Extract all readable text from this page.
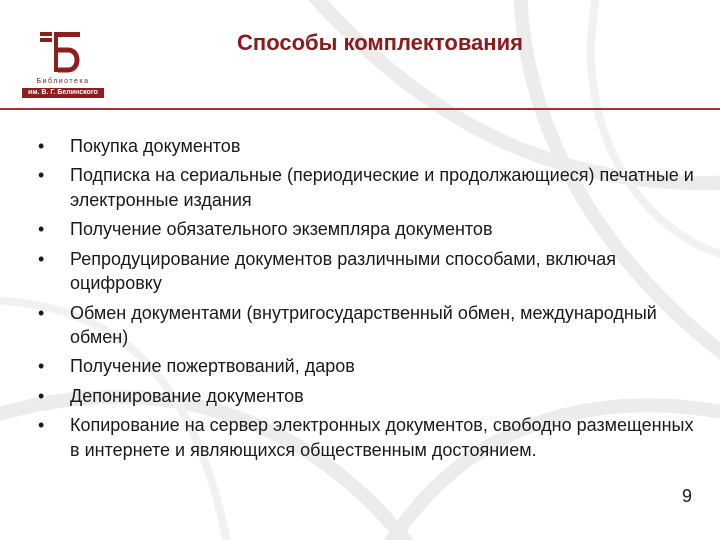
Библиотека
им. В. Г. Белинского
Способы комплектования
• Покупка документов
• Подписка на сериальные (периодические и продолжающиеся) печатные и электронные издания
• Получение обязательного экземпляра документов
• Репродуцирование документов различными способами, включая оцифровку
• Обмен документами (внутригосударственный обмен, международный обмен)
• Получение пожертвований, даров
• Депонирование документов
• Копирование на сервер электронных документов, свободно размещенных в интернете и являющихся общественным достоянием.
9
